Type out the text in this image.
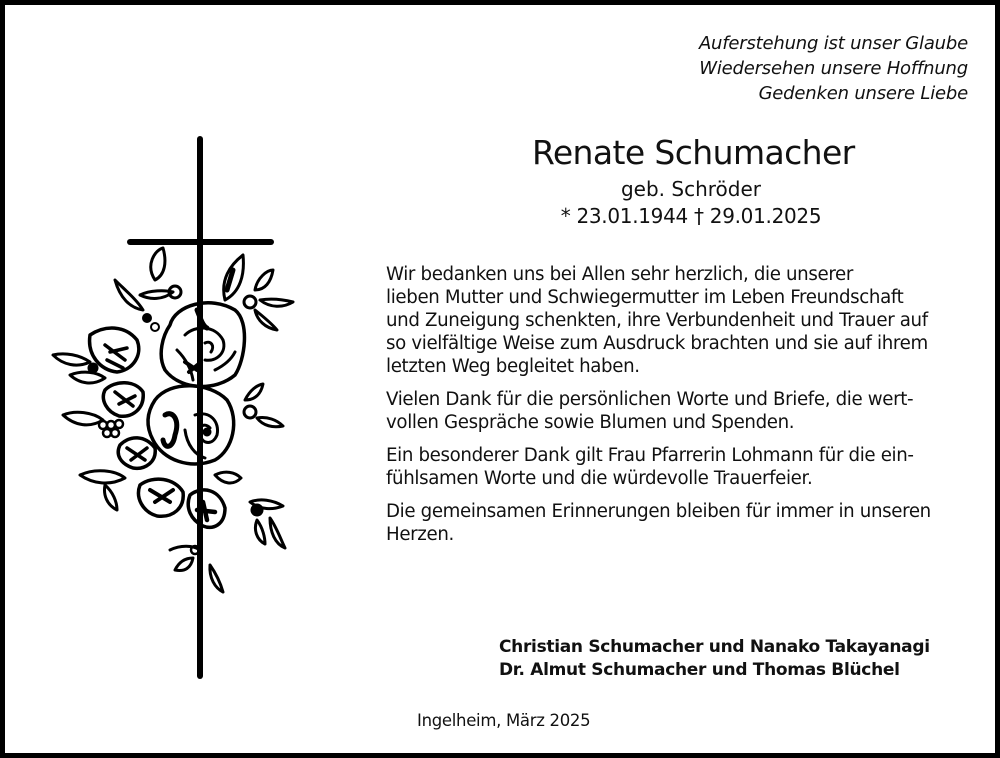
Auferstehung ist unser Glaube
Wiedersehen unsere Hoffnung
Gedenken unsere Liebe
Renate Schumacher
geb. Schröder
* 23.01.1944 † 29.01.2025

Wir bedanken uns bei Allen sehr herzlich, die unserer
lieben Mutter und Schwiegermutter im Leben Freundschaft
und Zuneigung schenkten, ihre Verbundenheit und Trauer auf
so vielfältige Weise zum Ausdruck brachten und sie auf ihrem
letzten Weg begleitet haben.

Vielen Dank für die persönlichen Worte und Briefe, die wert-
vollen Gespräche sowie Blumen und Spenden.

Ein besonderer Dank gilt Frau Pfarrerin Lohmann für die ein-
fühlsamen Worte und die würdevolle Trauerfeier.

Die gemeinsamen Erinnerungen bleiben für immer in unseren
Herzen.

Christian Schumacher und Nanako Takayanagi
Dr. Almut Schumacher und Thomas Blüchel
Ingelheim, März 2025
